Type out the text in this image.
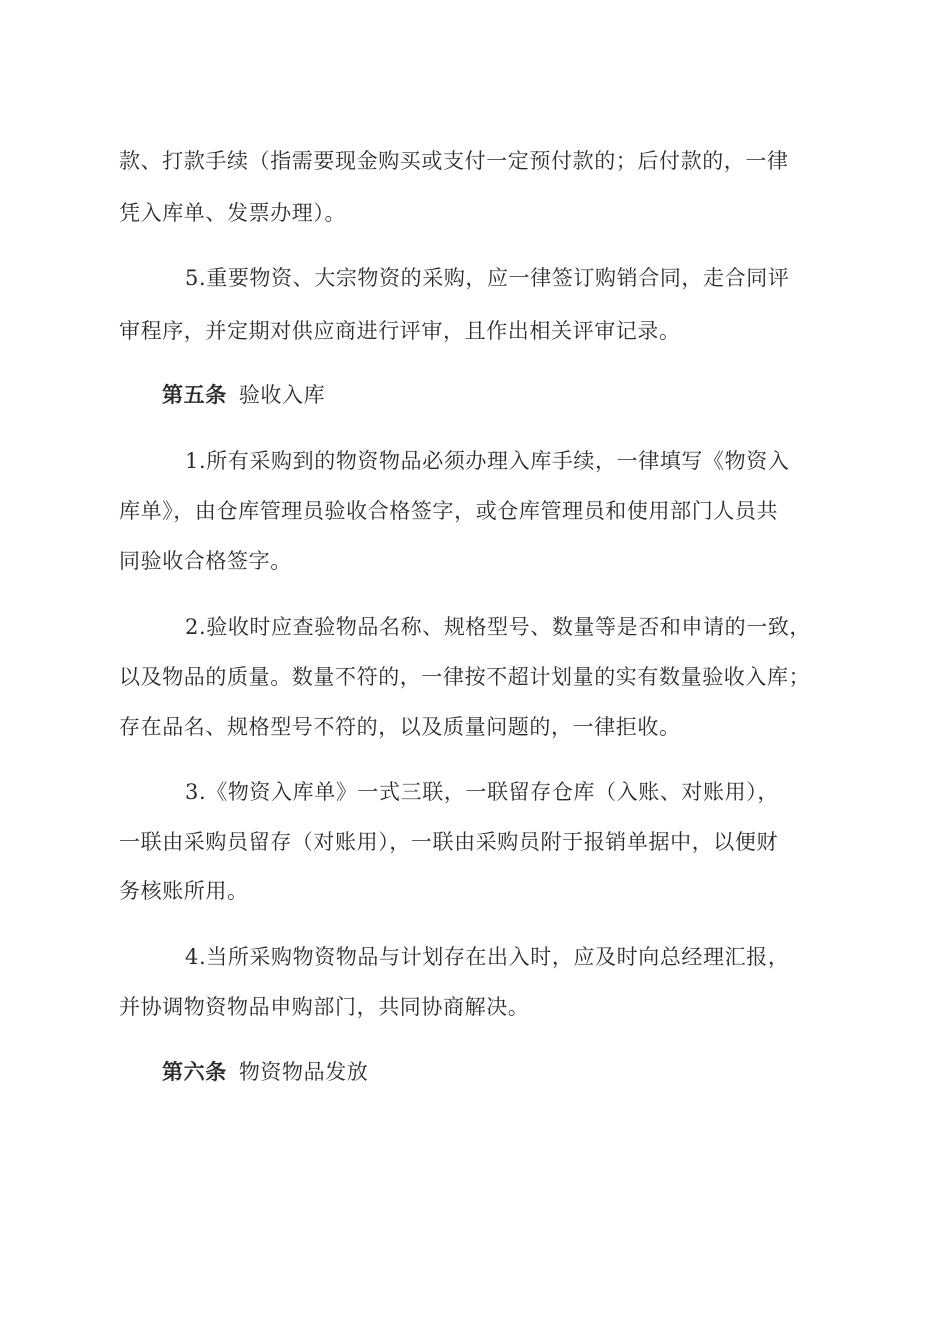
款、打款手续（指需要现金购买或支付一定预付款的；后付款的，一律
凭入库单、发票办理）。
5.重要物资、大宗物资的采购，应一律签订购销合同，走合同评
审程序，并定期对供应商进行评审，且作出相关评审记录。
第五条 验收入库
1.所有采购到的物资物品必须办理入库手续，一律填写《物资入
库单》，由仓库管理员验收合格签字，或仓库管理员和使用部门人员共
同验收合格签字。
2.验收时应查验物品名称、规格型号、数量等是否和申请的一致，
以及物品的质量。数量不符的，一律按不超计划量的实有数量验收入库；
存在品名、规格型号不符的，以及质量问题的，一律拒收。
3.《物资入库单》一式三联，一联留存仓库（入账、对账用），
一联由采购员留存（对账用），一联由采购员附于报销单据中，以便财
务核账所用。
4.当所采购物资物品与计划存在出入时，应及时向总经理汇报，
并协调物资物品申购部门，共同协商解决。
第六条 物资物品发放
